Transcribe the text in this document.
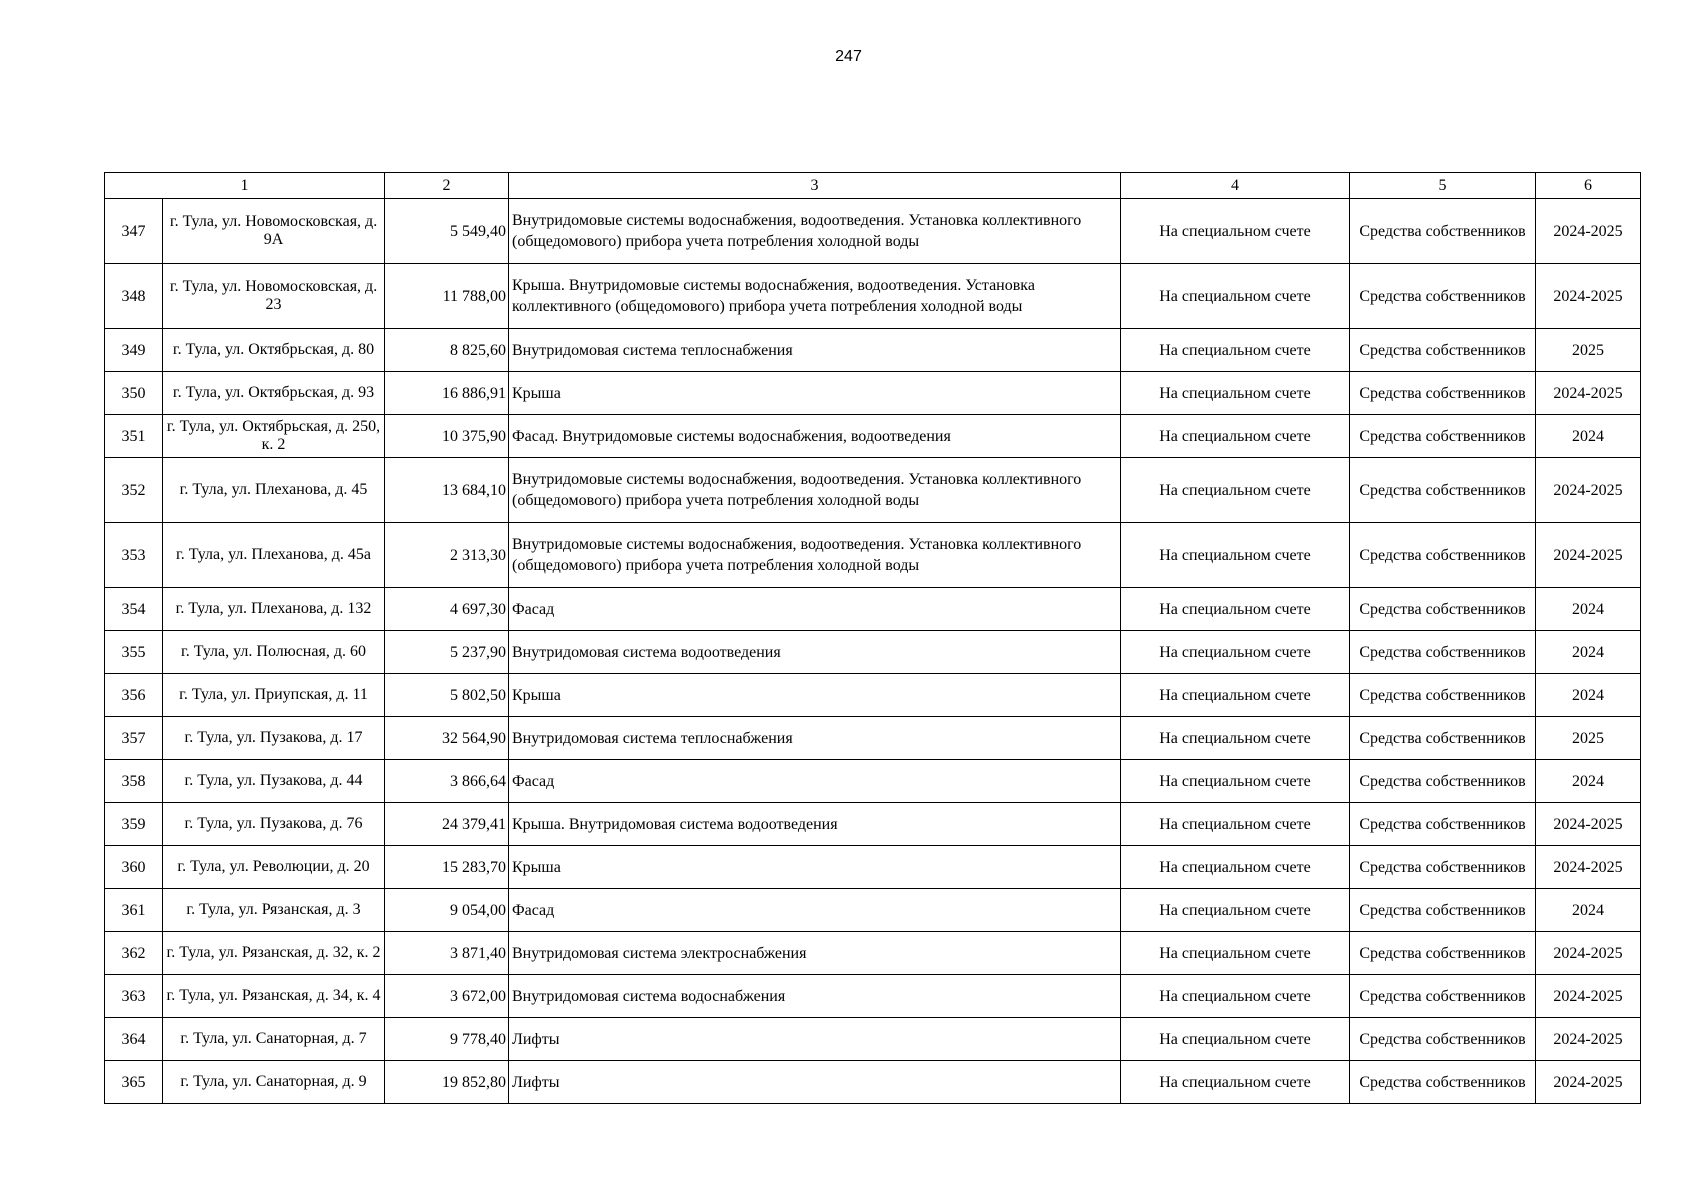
247
1		2	3	4	5	6
347	г. Тула, ул. Новомосковская, д. 9А	5 549,40	Внутридомовые системы водоснабжения, водоотведения. Установка коллективного (общедомового) прибора учета потребления холодной воды	На специальном счете	Средства собственников	2024-2025
348	г. Тула, ул. Новомосковская, д. 23	11 788,00	Крыша. Внутридомовые системы водоснабжения, водоотведения. Установка коллективного (общедомового) прибора учета потребления холодной воды	На специальном счете	Средства собственников	2024-2025
349	г. Тула, ул. Октябрьская, д. 80	8 825,60	Внутридомовая система теплоснабжения	На специальном счете	Средства собственников	2025
350	г. Тула, ул. Октябрьская, д. 93	16 886,91	Крыша	На специальном счете	Средства собственников	2024-2025
351	г. Тула, ул. Октябрьская, д. 250, к. 2	10 375,90	Фасад. Внутридомовые системы водоснабжения, водоотведения	На специальном счете	Средства собственников	2024
352	г. Тула, ул. Плеханова, д. 45	13 684,10	Внутридомовые системы водоснабжения, водоотведения. Установка коллективного (общедомового) прибора учета потребления холодной воды	На специальном счете	Средства собственников	2024-2025
353	г. Тула, ул. Плеханова, д. 45а	2 313,30	Внутридомовые системы водоснабжения, водоотведения. Установка коллективного (общедомового) прибора учета потребления холодной воды	На специальном счете	Средства собственников	2024-2025
354	г. Тула, ул. Плеханова, д. 132	4 697,30	Фасад	На специальном счете	Средства собственников	2024
355	г. Тула, ул. Полюсная, д. 60	5 237,90	Внутридомовая система водоотведения	На специальном счете	Средства собственников	2024
356	г. Тула, ул. Приупская, д. 11	5 802,50	Крыша	На специальном счете	Средства собственников	2024
357	г. Тула, ул. Пузакова, д. 17	32 564,90	Внутридомовая система теплоснабжения	На специальном счете	Средства собственников	2025
358	г. Тула, ул. Пузакова, д. 44	3 866,64	Фасад	На специальном счете	Средства собственников	2024
359	г. Тула, ул. Пузакова, д. 76	24 379,41	Крыша. Внутридомовая система водоотведения	На специальном счете	Средства собственников	2024-2025
360	г. Тула, ул. Революции, д. 20	15 283,70	Крыша	На специальном счете	Средства собственников	2024-2025
361	г. Тула, ул. Рязанская, д. 3	9 054,00	Фасад	На специальном счете	Средства собственников	2024
362	г. Тула, ул. Рязанская, д. 32, к. 2	3 871,40	Внутридомовая система электроснабжения	На специальном счете	Средства собственников	2024-2025
363	г. Тула, ул. Рязанская, д. 34, к. 4	3 672,00	Внутридомовая система водоснабжения	На специальном счете	Средства собственников	2024-2025
364	г. Тула, ул. Санаторная, д. 7	9 778,40	Лифты	На специальном счете	Средства собственников	2024-2025
365	г. Тула, ул. Санаторная, д. 9	19 852,80	Лифты	На специальном счете	Средства собственников	2024-2025
